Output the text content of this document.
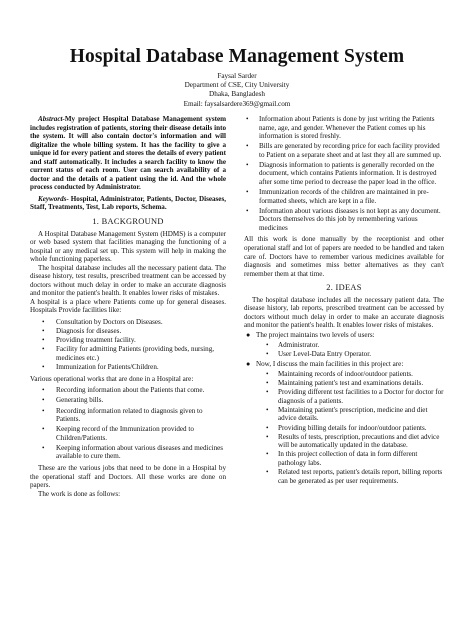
Hospital Database Management System
Faysal Sarder
Department of CSE, City University
Dhaka, Bangladesh
Email: faysalsardere369@gmail.com

Abstract-My project Hospital Database Management system includes registration of patients, storing their disease details into the system. It will also contain doctor's information and will digitalize the whole billing system. It has the facility to give a unique id for every patient and stores the details of every patient and staff automatically. It includes a search facility to know the current status of each room. User can search availability of a doctor and the details of a patient using the id. And the whole process conducted by Administrator.

Keywords- Hospital, Administrator, Patients, Doctor, Diseases, Staff, Treatments, Test, Lab reports, Schema.

1. BACKGROUND

A Hospital Database Management System (HDMS) is a computer or web based system that facilities managing the functioning of a hospital or any medical set up. This system will help in making the whole functioning paperless.

The hospital database includes all the necessary patient data. The disease history, test results, prescribed treatment can be accessed by doctors without much delay in order to make an accurate diagnosis and monitor the patient's health. It enables lower risks of mistakes.

A hospital is a place where Patients come up for general diseases. Hospitals Provide facilities like:

• Consultation by Doctors on Diseases.
• Diagnosis for diseases.
• Providing treatment facility.
• Facility for admitting Patients (providing beds, nursing, medicines etc.)
• Immunization for Patients/Children.

Various operational works that are done in a Hospital are:

• Recording information about the Patients that come.
• Generating bills.
• Recording information related to diagnosis given to Patients.
• Keeping record of the Immunization provided to Children/Patients.
• Keeping information about various diseases and medicines available to cure them.

These are the various jobs that need to be done in a Hospital by the operational staff and Doctors. All these works are done on papers.

The work is done as follows:

• Information about Patients is done by just writing the Patients name, age, and gender. Whenever the Patient comes up his information is stored freshly.
• Bills are generated by recording price for each facility provided to Patient on a separate sheet and at last they all are summed up.
• Diagnosis information to patients is generally recorded on the document, which contains Patients information. It is destroyed after some time period to decrease the paper load in the office.
• Immunization records of the children are maintained in pre-formatted sheets, which are kept in a file.
• Information about various diseases is not kept as any document. Doctors themselves do this job by remembering various medicines

All this work is done manually by the receptionist and other operational staff and lot of papers are needed to be handled and taken care of. Doctors have to remember various medicines available for diagnosis and sometimes miss better alternatives as they can't remember them at that time.

2. IDEAS

The hospital database includes all the necessary patient data. The disease history, lab reports, prescribed treatment can be accessed by doctors without much delay in order to make an accurate diagnosis and monitor the patient's health. It enables lower risks of mistakes.

● The project maintains two levels of users:
• Administrator.
• User Level-Data Entry Operator.
● Now, I discuss the main facilities in this project are:
• Maintaining records of indoor/outdoor patients.
• Maintaining patient's test and examinations details.
• Providing different test facilities to a Doctor for doctor for diagnosis of a patients.
• Maintaining patient's prescription, medicine and diet advice details.
• Providing billing details for indoor/outdoor patients.
• Results of tests, prescription, precautions and diet advice will be automatically updated in the database.
• In this project collection of data in form different pathology labs.
• Related test reports, patient's details report, billing reports can be generated as per user requirements.
